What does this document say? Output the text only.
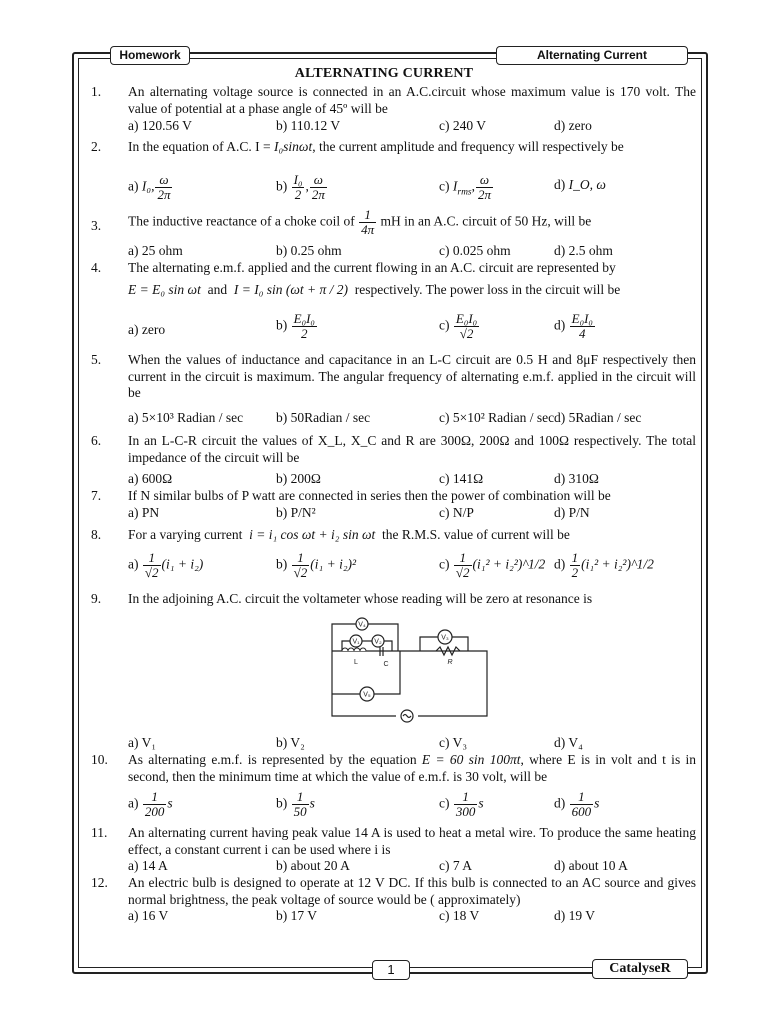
Homework	Alternating Current
ALTERNATING CURRENT
1. An alternating voltage source is connected in an A.C.circuit whose maximum value is 170 volt. The value of potential at a phase angle of 45º will be
a) 120.56 V	b) 110.12 V	c) 240 V	d) zero
2. In the equation of A.C. I = I₀sinωt, the current amplitude and frequency will respectively be
a) I₀, $\frac{\omega}{2\pi}$	$b) \frac{\text{I₀}}{2}$ , $\frac{\omega}{2\pi}$	c) $I_{rms}$, $\frac{\omega}{2\pi}$	d) I_O, ω
3. The inductive reactance of a choke coil of $\frac{1}{4\pi}$ mH in an A.C. circuit of 50 Hz, will be
a) 25 ohm	b) 0.25 ohm	c) 0.025 ohm	d) 2.5 ohm
4. The alternating e.m.f. applied and the current flowing in an A.C. circuit are represented by
E = E₀ sin ωt and I = I₀ sin (ωt + π / 2) respectively. The power loss in the circuit will be
a) zero	$b) \frac{\text{E₀I₀}}{2}$	$c) \frac{\text{E₀I₀}}{√2}$	$d) \frac{\text{E₀I₀}}{4}$
5. When the values of inductance and capacitance in an L-C circuit are 0.5 H and 8μF respectively then current in the circuit is maximum. The angular frequency of alternating e.m.f. applied in the circuit will be
a) 5×10³ Radian / sec b) 50Radian / sec	c) 5×10² Radian / sec d) 5Radian / sec
6. In an L-C-R circuit the values of X_L, X_C and R are 300Ω, 200Ω and 100Ω respectively. The total impedance of the circuit will be
a) 600Ω	b) 200Ω	c) 141Ω	d) 310Ω
7. If N similar bulbs of P watt are connected in series then the power of combination will be
a) PN	b) P/N²	c) N/P	d) P/N
8. For a varying current i = i₁ cos ωt + i₂ sin ωt the R.M.S. value of current will be
$a) \frac{1}{√2} (i_1 + i_2)$	$b) \frac{1}{√2} (i_1 + i_2)^2$	$c) \frac{1}{√2} (i_1^2$ + i₂²)^1/2 $d) \frac{1}{2} (i_1^2$ + i₂²)^1/2
9. In the adjoining A.C. circuit the voltameter whose reading will be zero at resonance is
V₄
V₁ V₂
V₃
V₅
L	C	R
a) V₁	b) V₂	c) V₃	d) V₄
10. As alternating e.m.f. is represented by the equation E = 60 sin 100πt, where E is in volt and t is in second, then the minimum time at which the value of e.m.f. is 30 volt, will be
$a) \frac{1}{200}$ s	$b) \frac{1}{50}$ s	$c) \frac{1}{300}$ s	$d) \frac{1}{600}$ s
11. An alternating current having peak value 14 A is used to heat a metal wire. To produce the same heating effect, a constant current i can be used where i is
a) 14 A	b) about 20 A	c) 7 A	d) about 10 A
12. An electric bulb is designed to operate at 12 V DC. If this bulb is connected to an AC source and gives normal brightness, the peak voltage of source would be ( approximately)
a) 16 V	b) 17 V	c) 18 V	d) 19 V
1	CatalyseR
